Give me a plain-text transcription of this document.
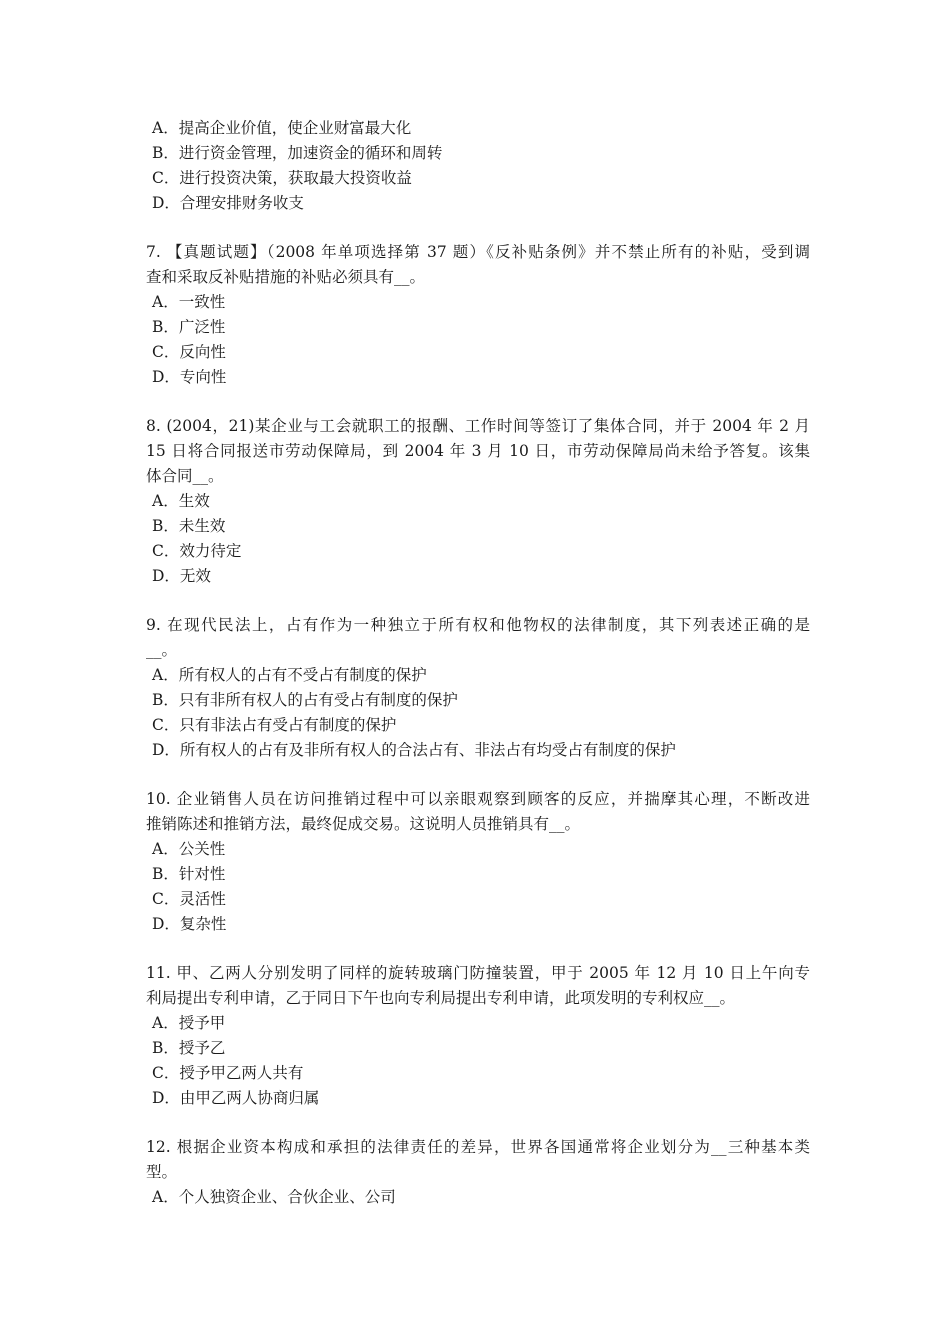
A．提高企业价值，使企业财富最大化
B．进行资金管理，加速资金的循环和周转
C．进行投资决策，获取最大投资收益
D．合理安排财务收支
7. 【真题试题】（2008 年单项选择第 37 题）《反补贴条例》并不禁止所有的补贴，受到调
查和采取反补贴措施的补贴必须具有__。
A．一致性
B．广泛性
C．反向性
D．专向性
8. (2004，21)某企业与工会就职工的报酬、工作时间等签订了集体合同，并于 2004 年 2 月
15 日将合同报送市劳动保障局，到 2004 年 3 月 10 日，市劳动保障局尚未给予答复。该集
体合同__。
A．生效
B．未生效
C．效力待定
D．无效
9. 在现代民法上，占有作为一种独立于所有权和他物权的法律制度，其下列表述正确的是
__。
A．所有权人的占有不受占有制度的保护
B．只有非所有权人的占有受占有制度的保护
C．只有非法占有受占有制度的保护
D．所有权人的占有及非所有权人的合法占有、非法占有均受占有制度的保护
10. 企业销售人员在访问推销过程中可以亲眼观察到顾客的反应，并揣摩其心理，不断改进
推销陈述和推销方法，最终促成交易。这说明人员推销具有__。
A．公关性
B．针对性
C．灵活性
D．复杂性
11. 甲、乙两人分别发明了同样的旋转玻璃门防撞装置，甲于 2005 年 12 月 10 日上午向专
利局提出专利申请，乙于同日下午也向专利局提出专利申请，此项发明的专利权应__。
A．授予甲
B．授予乙
C．授予甲乙两人共有
D．由甲乙两人协商归属
12. 根据企业资本构成和承担的法律责任的差异，世界各国通常将企业划分为__三种基本类
型。
A．个人独资企业、合伙企业、公司
